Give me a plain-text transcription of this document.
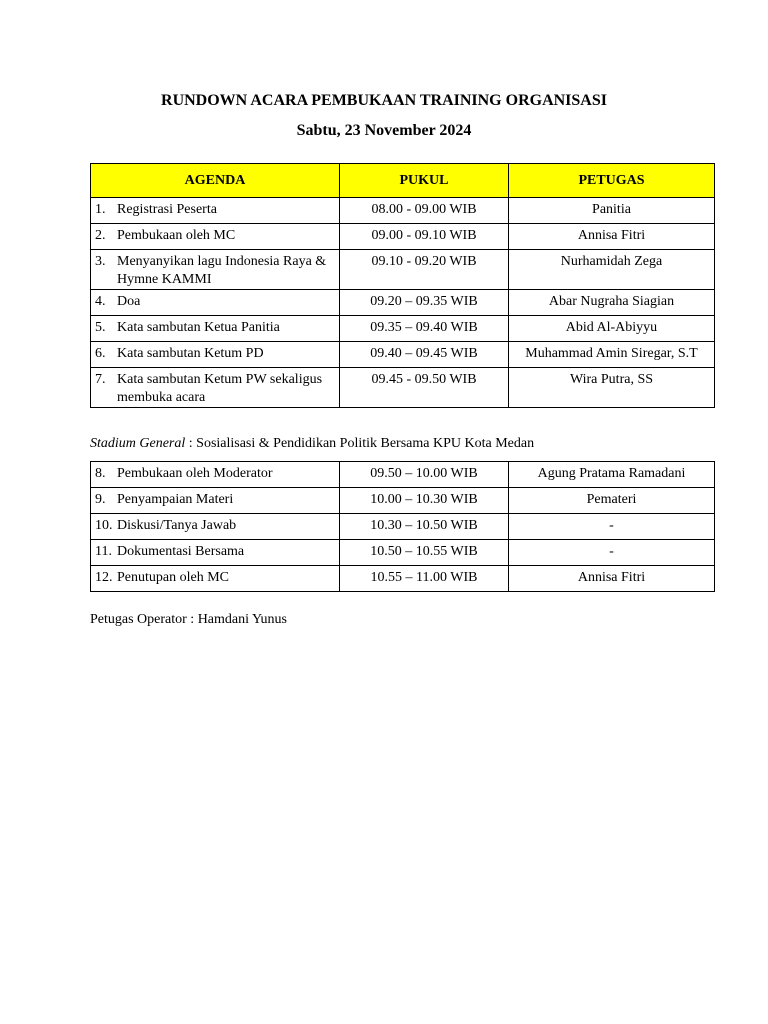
RUNDOWN ACARA PEMBUKAAN TRAINING ORGANISASI
Sabtu, 23 November 2024
AGENDA	PUKUL	PETUGAS

1. Registrasi Peserta	08.00 - 09.00 WIB	Panitia

2. Pembukaan oleh MC	09.00 - 09.10 WIB	Annisa Fitri

3. Menyanyikan lagu Indonesia Raya & Hymne KAMMI	09.10 - 09.20 WIB	Nurhamidah Zega

4. Doa	09.20 – 09.35 WIB	Abar Nugraha Siagian

5. Kata sambutan Ketua Panitia	09.35 – 09.40 WIB	Abid Al-Abiyyu

6. Kata sambutan Ketum PD	09.40 – 09.45 WIB	Muhammad Amin Siregar, S.T

7. Kata sambutan Ketum PW sekaligus membuka acara	09.45 - 09.50 WIB	Wira Putra, SS

Stadium General : Sosialisasi & Pendidikan Politik Bersama KPU Kota Medan

8. Pembukaan oleh Moderator	09.50 – 10.00 WIB	Agung Pratama Ramadani

9. Penyampaian Materi	10.00 – 10.30 WIB	Pemateri

10. Diskusi/Tanya Jawab	10.30 – 10.50 WIB	-

11. Dokumentasi Bersama	10.50 – 10.55 WIB	-

12. Penutupan oleh MC	10.55 – 11.00 WIB	Annisa Fitri

Petugas Operator : Hamdani Yunus
